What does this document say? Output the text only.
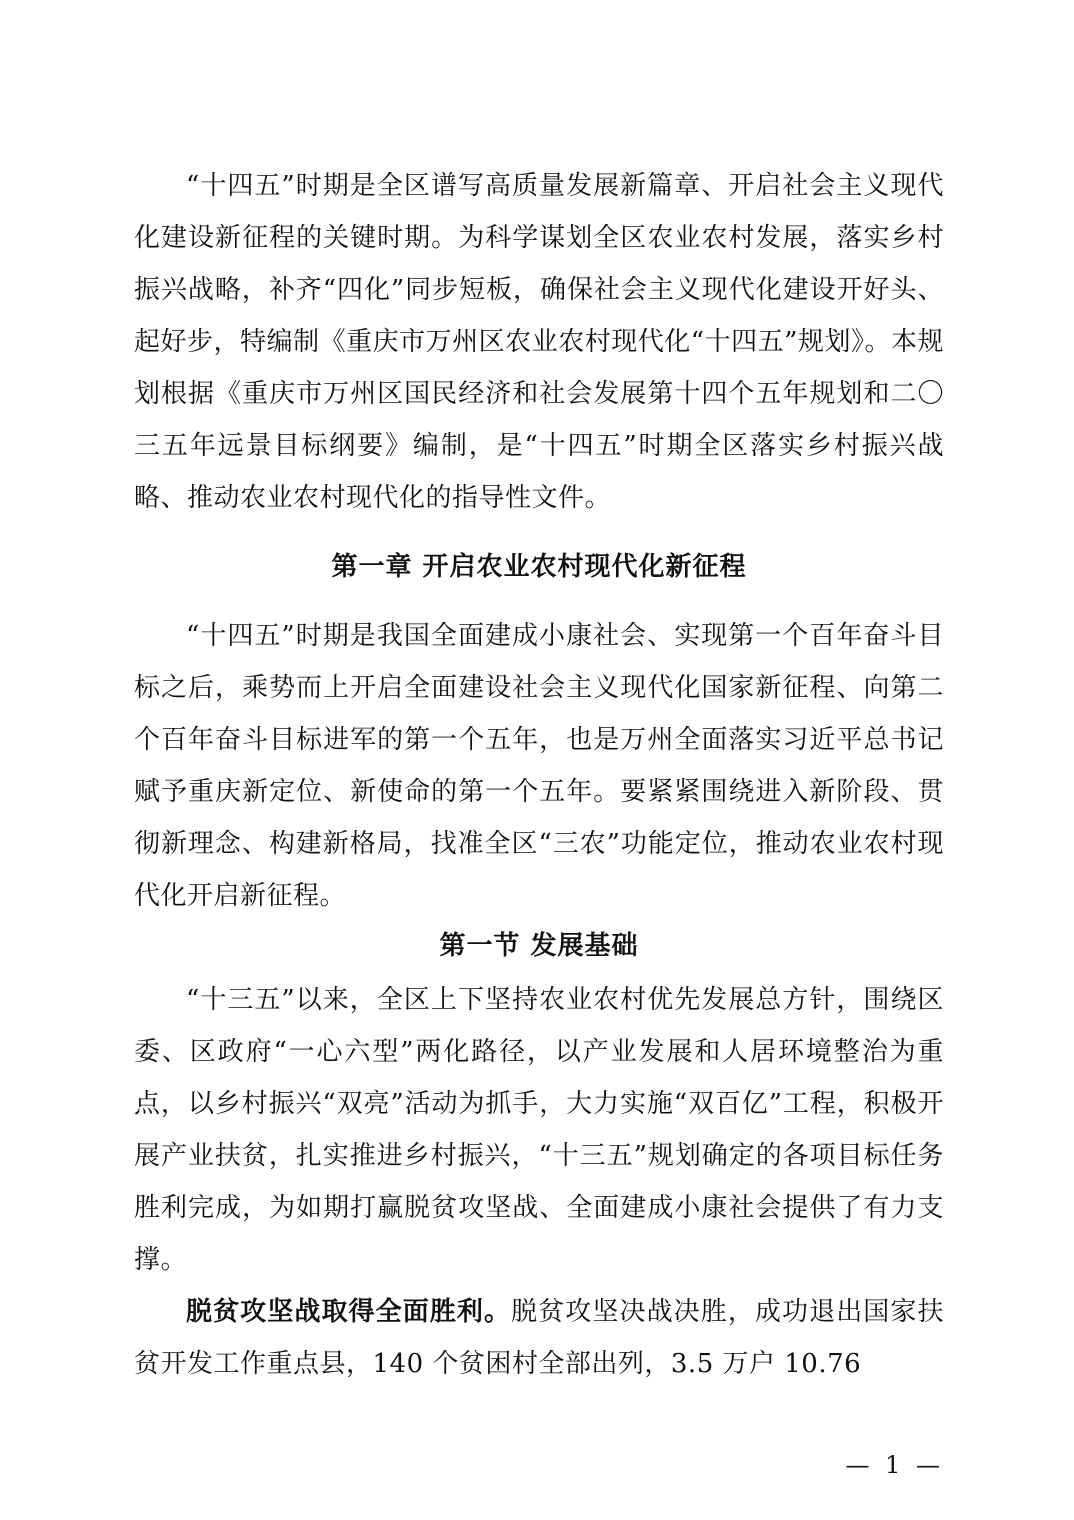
“十四五”时期是全区谱写高质量发展新篇章、开启社会主义现代化建设新征程的关键时期。为科学谋划全区农业农村发展，落实乡村振兴战略，补齐“四化”同步短板，确保社会主义现代化建设开好头、起好步，特编制《重庆市万州区农业农村现代化“十四五”规划》。本规划根据《重庆市万州区国民经济和社会发展第十四个五年规划和二〇三五年远景目标纲要》编制，是“十四五”时期全区落实乡村振兴战略、推动农业农村现代化的指导性文件。

第一章 开启农业农村现代化新征程

“十四五”时期是我国全面建成小康社会、实现第一个百年奋斗目标之后，乘势而上开启全面建设社会主义现代化国家新征程、向第二个百年奋斗目标进军的第一个五年，也是万州全面落实习近平总书记赋予重庆新定位、新使命的第一个五年。要紧紧围绕进入新阶段、贯彻新理念、构建新格局，找准全区“三农”功能定位，推动农业农村现代化开启新征程。

第一节 发展基础

“十三五”以来，全区上下坚持农业农村优先发展总方针，围绕区委、区政府“一心六型”两化路径，以产业发展和人居环境整治为重点，以乡村振兴“双亮”活动为抓手，大力实施“双百亿”工程，积极开展产业扶贫，扎实推进乡村振兴，“十三五”规划确定的各项目标任务胜利完成，为如期打赢脱贫攻坚战、全面建成小康社会提供了有力支撑。

脱贫攻坚战取得全面胜利。脱贫攻坚决战决胜，成功退出国家扶贫开发工作重点县，140 个贫困村全部出列，3.5 万户 10.76

— 1 —
